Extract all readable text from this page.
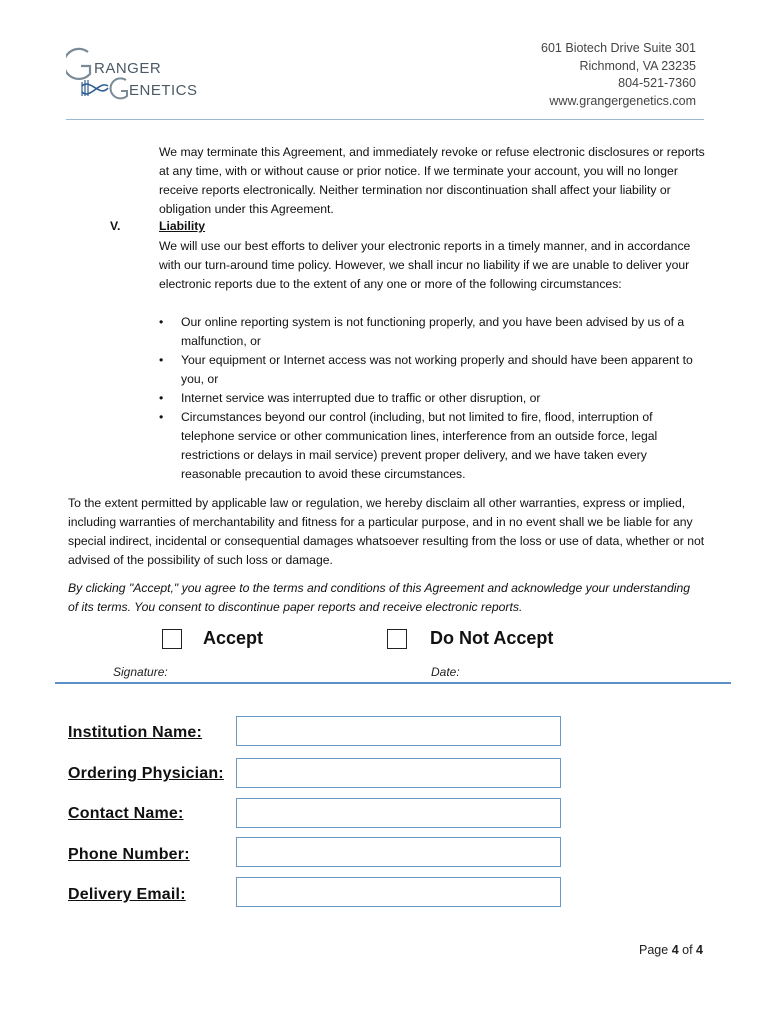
RANGER
ENETICS
601 Biotech Drive Suite 301
Richmond, VA 23235
804-521-7360
www.grangergenetics.com
We may terminate this Agreement, and immediately revoke or refuse electronic disclosures or reports at any time, with or without cause or prior notice. If we terminate your account, you will no longer receive reports electronically. Neither termination nor discontinuation shall affect your liability or obligation under this Agreement.
V.	Liability
We will use our best efforts to deliver your electronic reports in a timely manner, and in accordance with our turn-around time policy. However, we shall incur no liability if we are unable to deliver your electronic reports due to the extent of any one or more of the following circumstances:
• Our online reporting system is not functioning properly, and you have been advised by us of a malfunction, or
• Your equipment or Internet access was not working properly and should have been apparent to you, or
• Internet service was interrupted due to traffic or other disruption, or
• Circumstances beyond our control (including, but not limited to fire, flood, interruption of telephone service or other communication lines, interference from an outside force, legal restrictions or delays in mail service) prevent proper delivery, and we have taken every reasonable precaution to avoid these circumstances.
To the extent permitted by applicable law or regulation, we hereby disclaim all other warranties, express or implied, including warranties of merchantability and fitness for a particular purpose, and in no event shall we be liable for any special indirect, incidental or consequential damages whatsoever resulting from the loss or use of data, whether or not advised of the possibility of such loss or damage.
By clicking "Accept," you agree to the terms and conditions of this Agreement and acknowledge your understanding of its terms. You consent to discontinue paper reports and receive electronic reports.
Accept	Do Not Accept
Signature:	Date:
Institution Name:
Ordering Physician:
Contact Name:
Phone Number:
Delivery Email:
Page 4 of 4
